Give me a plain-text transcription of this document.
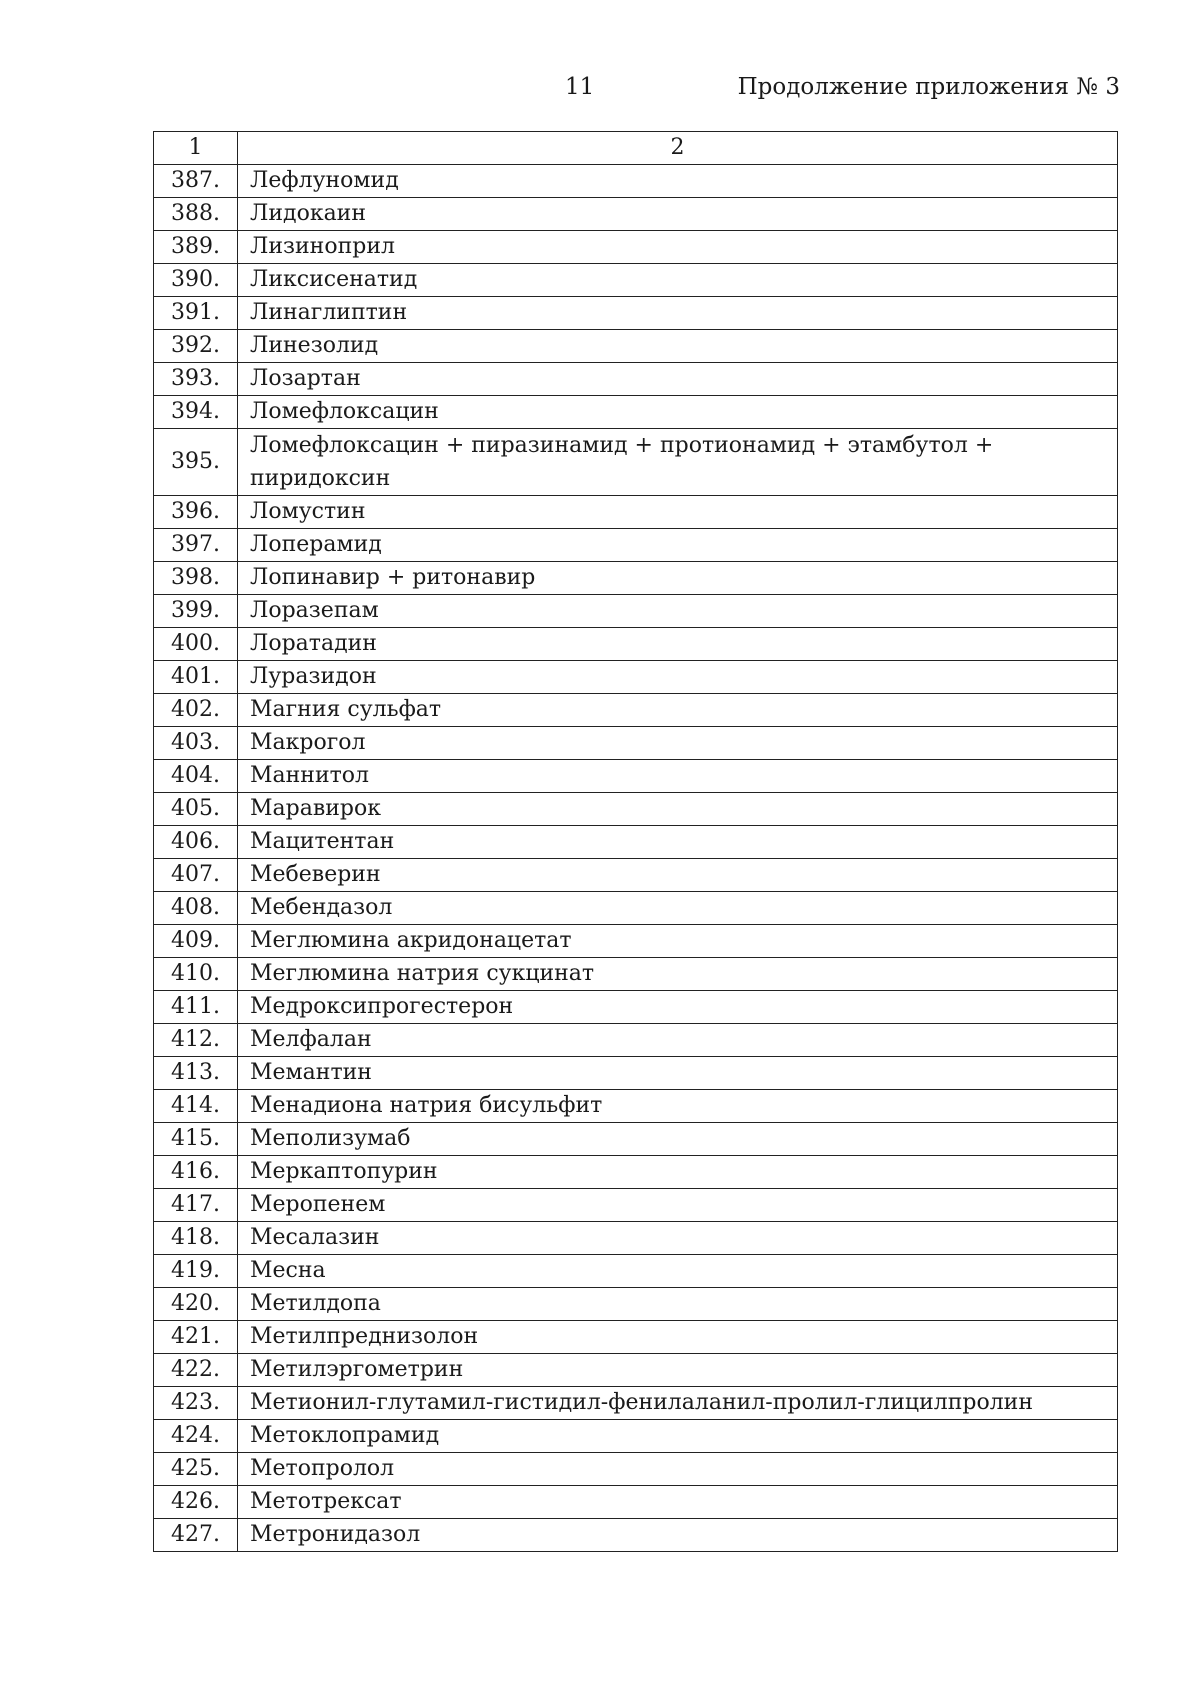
11	Продолжение приложения № 3
1	2
387.	Лефлуномид
388.	Лидокаин
389.	Лизиноприл
390.	Ликсисенатид
391.	Линаглиптин
392.	Линезолид
393.	Лозартан
394.	Ломефлоксацин
395.	Ломефлоксацин + пиразинамид + протионамид + этамбутол + пиридоксин
396.	Ломустин
397.	Лоперамид
398.	Лопинавир + ритонавир
399.	Лоразепам
400.	Лоратадин
401.	Луразидон
402.	Магния сульфат
403.	Макрогол
404.	Маннитол
405.	Маравирок
406.	Мацитентан
407.	Мебеверин
408.	Мебендазол
409.	Меглюмина акридонацетат
410.	Меглюмина натрия сукцинат
411.	Медроксипрогестерон
412.	Мелфалан
413.	Мемантин
414.	Менадиона натрия бисульфит
415.	Меполизумаб
416.	Меркаптопурин
417.	Меропенем
418.	Месалазин
419.	Месна
420.	Метилдопа
421.	Метилпреднизолон
422.	Метилэргометрин
423.	Метионил-глутамил-гистидил-фенилаланил-пролил-глицилпролин
424.	Метоклопрамид
425.	Метопролол
426.	Метотрексат
427.	Метронидазол
